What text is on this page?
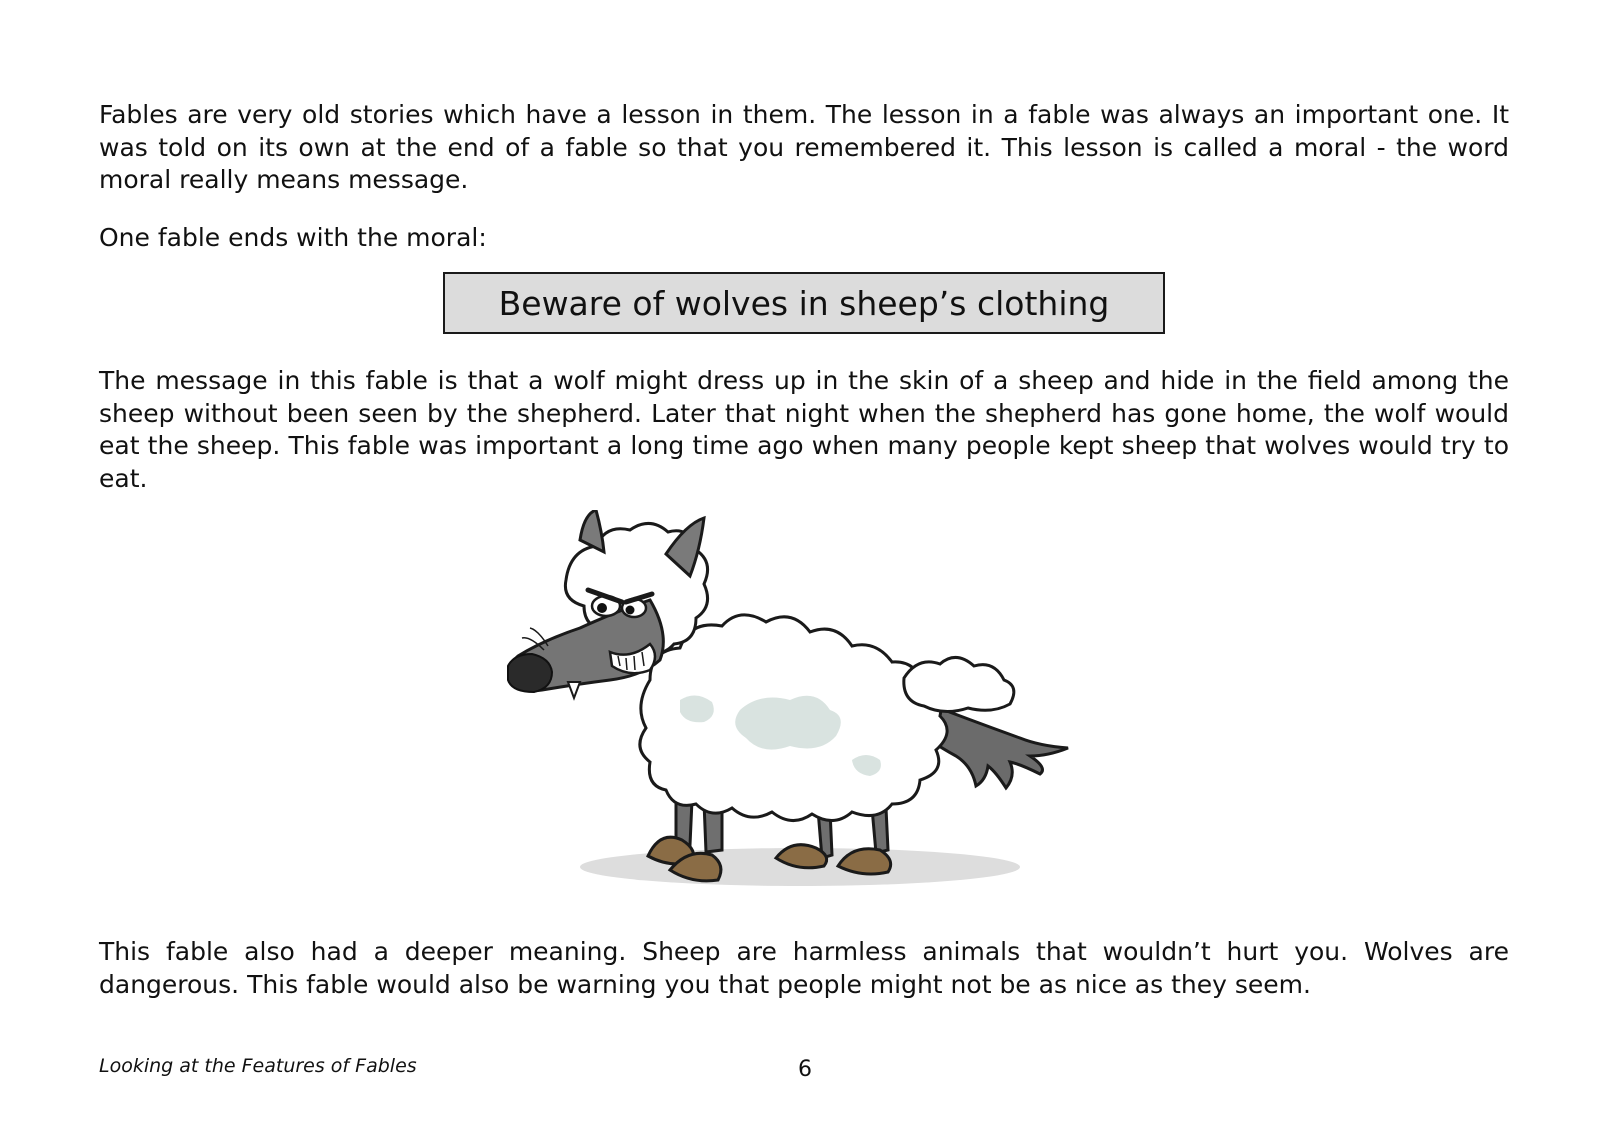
Fables are very old stories which have a lesson in them. The lesson in a fable was always an important one. It was told on its own at the end of a fable so that you remembered it. This lesson is called a moral - the word moral really means message.

One fable ends with the moral:

Beware of wolves in sheep’s clothing

The message in this fable is that a wolf might dress up in the skin of a sheep and hide in the field among the sheep without been seen by the shepherd. Later that night when the shepherd has gone home, the wolf would eat the sheep. This fable was important a long time ago when many people kept sheep that wolves would try to eat.

This fable also had a deeper meaning. Sheep are harmless animals that wouldn’t hurt you. Wolves are dangerous. This fable would also be warning you that people might not be as nice as they seem.

Looking at the Features of Fables	6
